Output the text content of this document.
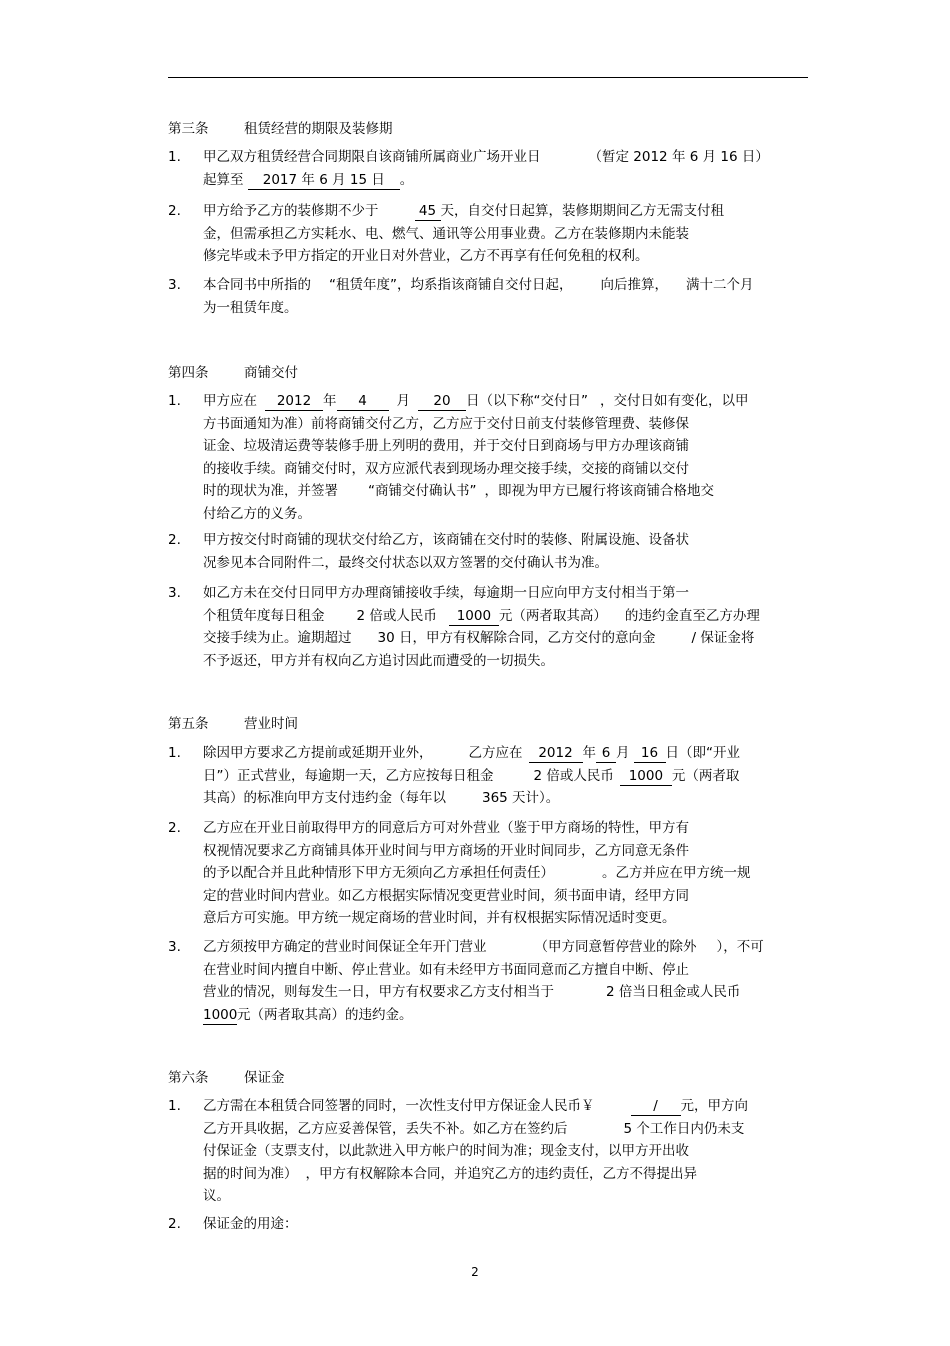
第三条	租赁经营的期限及装修期
1. 甲乙双方租赁经营合同期限自该商铺所属商业广场开业日	（暂定 2012 年 6 月 16 日）
起算至 2017 年 6 月 15 日 。
2. 甲方给予乙方的装修期不少于	45 天，自交付日起算，装修期期间乙方无需支付租
金，但需承担乙方实耗水、电、燃气、通讯等公用事业费。乙方在装修期内未能装
修完毕或未予甲方指定的开业日对外营业，乙方不再享有任何免租的权利。
3. 本合同书中所指的 “租赁年度”，均系指该商铺自交付日起， 向后推算， 满十二个月
为一租赁年度。
第四条	商铺交付
1. 甲方应在 2012 年 4 月 20 日（以下称“交付日” ，交付日如有变化，以甲
方书面通知为准）前将商铺交付乙方，乙方应于交付日前支付装修管理费、装修保
证金、垃圾清运费等装修手册上列明的费用，并于交付日到商场与甲方办理该商铺
的接收手续。商铺交付时，双方应派代表到现场办理交接手续，交接的商铺以交付
时的现状为准，并签署 “商铺交付确认书” ，即视为甲方已履行将该商铺合格地交
付给乙方的义务。
2. 甲方按交付时商铺的现状交付给乙方，该商铺在交付时的装修、附属设施、设备状
况参见本合同附件二，最终交付状态以双方签署的交付确认书为准。
3. 如乙方未在交付日同甲方办理商铺接收手续，每逾期一日应向甲方支付相当于第一
个租赁年度每日租金 2 倍或人民币 1000 元（两者取其高） 的违约金直至乙方办理
交接手续为止。逾期超过 30 日，甲方有权解除合同，乙方交付的意向金	/ 保证金将
不予返还，甲方并有权向乙方追讨因此而遭受的一切损失。
第五条	营业时间
1. 除因甲方要求乙方提前或延期开业外，	乙方应在 2012 年 6 月 16 日（即“开业
日”）正式营业，每逾期一天，乙方应按每日租金	2 倍或人民币 1000 元（两者取
其高）的标准向甲方支付违约金（每年以	365 天计）。
2. 乙方应在开业日前取得甲方的同意后方可对外营业（鉴于甲方商场的特性，甲方有
权视情况要求乙方商铺具体开业时间与甲方商场的开业时间同步，乙方同意无条件
的予以配合并且此种情形下甲方无须向乙方承担任何责任）	。乙方并应在甲方统一规
定的营业时间内营业。如乙方根据实际情况变更营业时间，须书面申请，经甲方同
意后方可实施。甲方统一规定商场的营业时间，并有权根据实际情况适时变更。
3. 乙方须按甲方确定的营业时间保证全年开门营业	（甲方同意暂停营业的除外 ），不可
在营业时间内擅自中断、停止营业。如有未经甲方书面同意而乙方擅自中断、停止
营业的情况，则每发生一日，甲方有权要求乙方支付相当于	2 倍当日租金或人民币
1000元（两者取其高）的违约金。
第六条	保证金
1. 乙方需在本租赁合同签署的同时，一次性支付甲方保证金人民币￥	/ 元，甲方向
乙方开具收据，乙方应妥善保管，丢失不补。如乙方在签约后	5 个工作日内仍未支
付保证金（支票支付，以此款进入甲方帐户的时间为准；现金支付，以甲方开出收
据的时间为准） ，甲方有权解除本合同，并追究乙方的违约责任，乙方不得提出异
议。
2. 保证金的用途：
2
